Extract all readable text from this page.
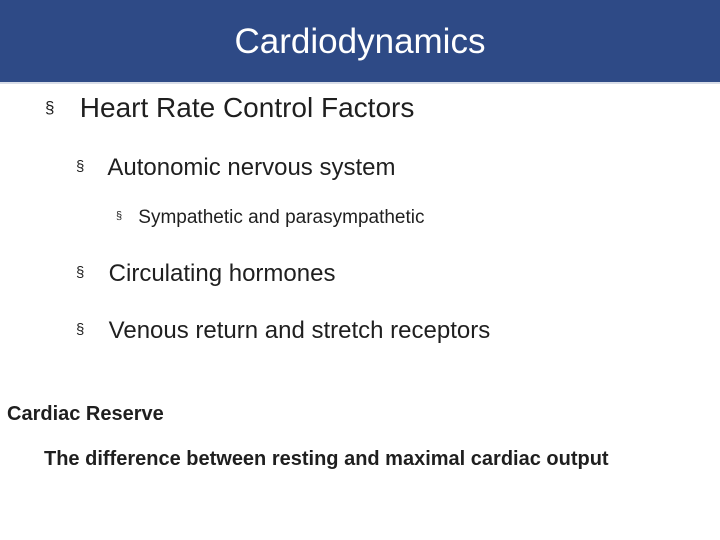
Cardiodynamics
§ Heart Rate Control Factors
§ Autonomic nervous system
§ Sympathetic and parasympathetic
§ Circulating hormones
§ Venous return and stretch receptors
Cardiac Reserve
The difference between resting and maximal cardiac output
